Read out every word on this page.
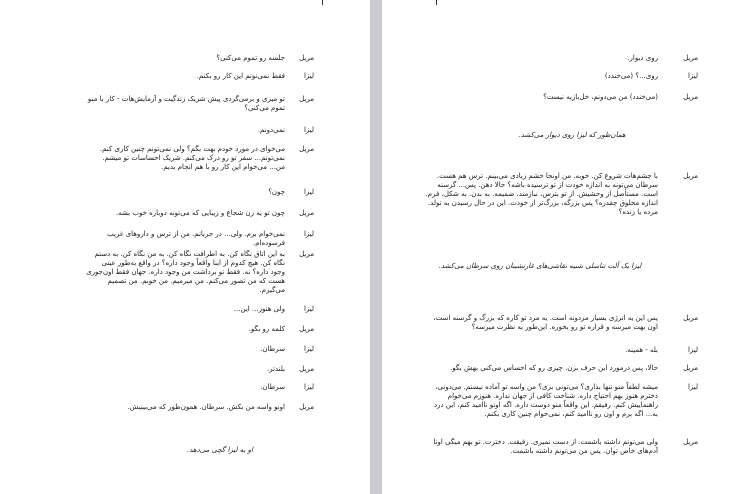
مریل
جلسه رو تموم می‌کنی؟
لیزا
فقط نمی‌تونم این کار رو بکنم.
مریل
تو میری و برمی‌گردی پیش شریک زندگیت و آزمایش‌هات - کار با منو تموم می‌کنی؟
لیزا
نمی‌دونم.
مریل
می‌خوای در مورد خودم بهت بگم؟ ولی نمی‌تونم چنین کاری کنم. نمی‌تونم... سفر تو رو درک می‌کنم. شریک احساسات تو میشم. من... می‌خوام این کار رو با هم انجام بدیم.
لیزا
چون؟
مریل
چون تو یه زن شجاع و زیبایی که می‌تونه دوباره خوب بشه.
لیزا
نمی‌خوام برم. ولی... در جریانم. من از ترس و داروهای غریب فرسوده‌ام.
مریل
به این اتاق نگاه کن. به اطرافت نگاه کن. به من نگاه کن. به دستم نگاه کن. هیچ کدوم از اینا واقعاً وجود داره؟ در واقع به‌طور عینی وجود داره؟ نه. فقط تو برداشت من وجود داره. جهان فقط اون‌جوری هست که من تصور می‌کنم. من میرمیم. من خوبم. من تصمیم می‌گیرم.
لیزا
ولی هنوز... این...
مریل
کلمه رو بگو.
لیزا
سرطان.
مریل
بلندتر.
لیزا
سرطان.
مریل
اونو واسه من بکش. سرطان. همون‌طور که می‌بینیش.
او به لیزا گچی می‌دهد.
مریل
روی دیوار.
لیزا
روی...؟ (می‌خندد)
مریل
(می‌خندد) من می‌دونم، خل‌بازیه نیست؟
همان‌طور که لیزا روی دیوار می‌کشد.
مریل
با چشم‌هات شروع کن. خوبه. من اونجا خشم زیادی می‌بینم. ترس هم هست. سرطان می‌تونه به اندازه خودت از تو ترسیده باشه؟ حالا دهن. پس... گرسنه است. مستأصل از وحشیش. از تو بترس، نبازمند، ضمیمه. به بدن. به شکل، فرم. اندازه مخلوق چقدره؟ پس بزرگه، بزرگ‌تر از خودت. این در حال رسیدن به تولد. مرده یا زنده؟
لیزا یک آلت تناسلی شبیه نقاشی‌های غارنشینان روی سرطان می‌کشد.
مریل
پس این یه انرژی بسیار مردونه است. یه مرد تو کاره که بزرگ و گرسنه است، اون بهت میرسه و قراره تو رو بخوره. این‌طور به نظرت میرسه؟
لیزا
بله - همینه.
مریل
حالا، پس درمورد این حرف بزن. چیزی رو که احساس می‌کنی بهش بگو.
لیزا
میشه لطفاً منو تنها بذاری؟ می‌تونی بری؟ من واسه تو آماده نیستم. می‌دونی، دخترم هنوز بهم احتیاج داره. شناخت کافی از جهان نداره. هنوزم می‌خوام راهنماییش کنم. رفیقم. این واقعاً منو دوست داره. اگه اونو ناامید کنم، این درد به... اگه برم و اون رو ناامید کنم، نمی‌خوام چنین کاری بکنم.
مریل
ولی می‌تونم داشته باشمت. از دست نمیری. رفیقت. دخترت. تو بهم میگی اونا آدم‌های خاص توان. پس من می‌تونم داشته باشمت.
